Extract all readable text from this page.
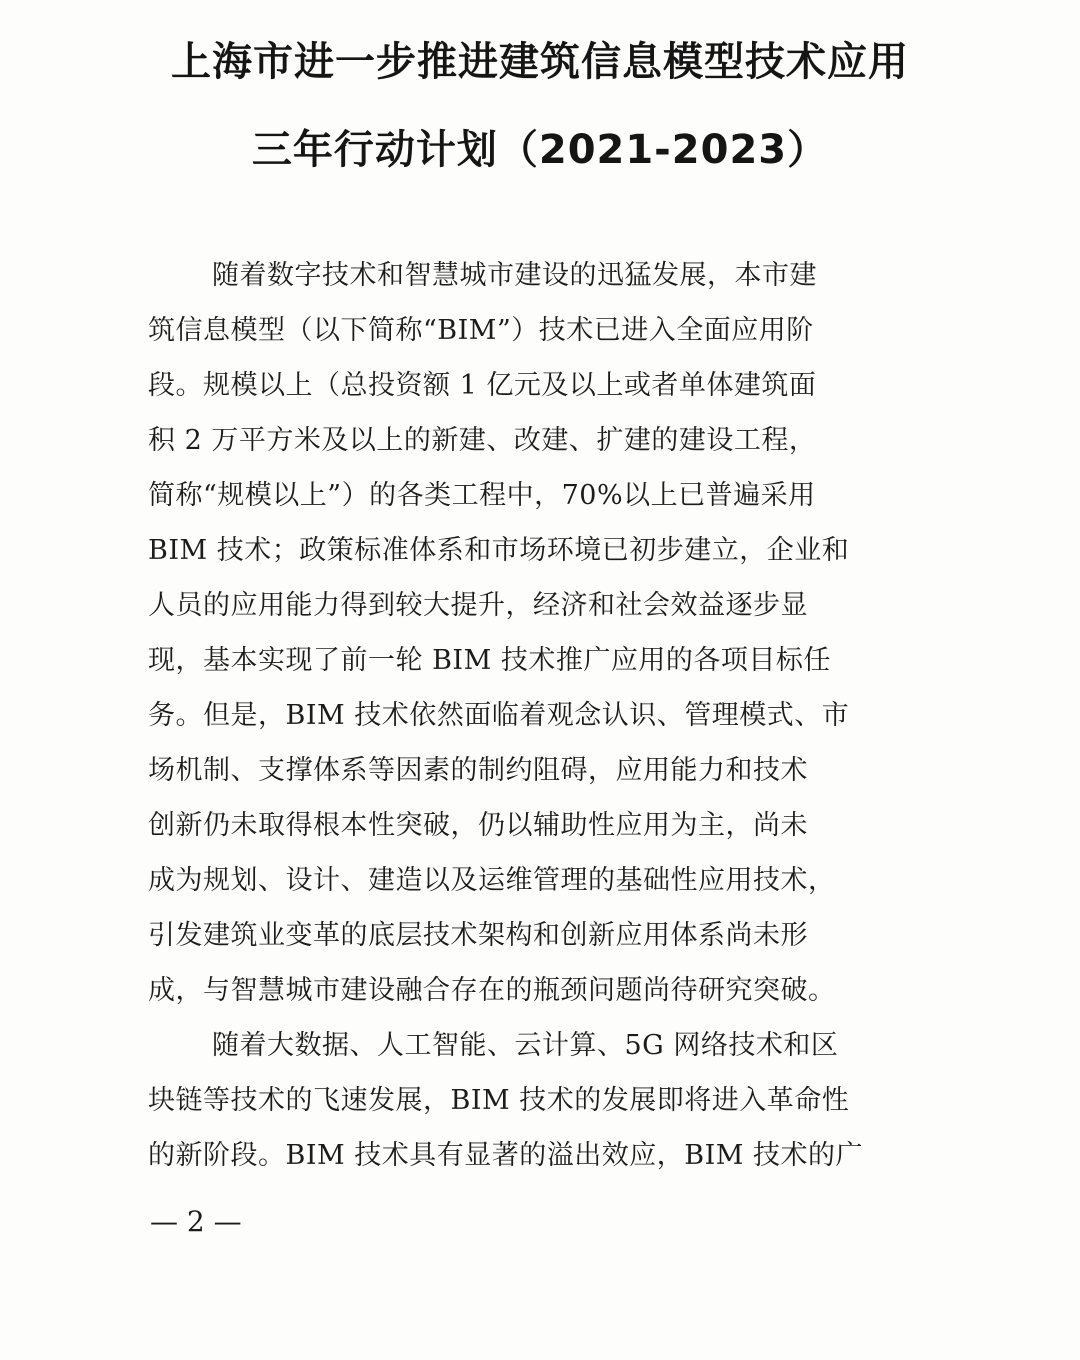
上海市进一步推进建筑信息模型技术应用
三年行动计划（2021-2023）
随着数字技术和智慧城市建设的迅猛发展，本市建
筑信息模型（以下简称“BIM”）技术已进入全面应用阶
段。规模以上（总投资额 1 亿元及以上或者单体建筑面
积 2 万平方米及以上的新建、改建、扩建的建设工程，
简称“规模以上”）的各类工程中，70%以上已普遍采用
BIM 技术；政策标准体系和市场环境已初步建立，企业和
人员的应用能力得到较大提升，经济和社会效益逐步显
现，基本实现了前一轮 BIM 技术推广应用的各项目标任
务。但是，BIM 技术依然面临着观念认识、管理模式、市
场机制、支撑体系等因素的制约阻碍，应用能力和技术
创新仍未取得根本性突破，仍以辅助性应用为主，尚未
成为规划、设计、建造以及运维管理的基础性应用技术，
引发建筑业变革的底层技术架构和创新应用体系尚未形
成，与智慧城市建设融合存在的瓶颈问题尚待研究突破。
随着大数据、人工智能、云计算、5G 网络技术和区
块链等技术的飞速发展，BIM 技术的发展即将进入革命性
的新阶段。BIM 技术具有显著的溢出效应，BIM 技术的广
— 2 —
